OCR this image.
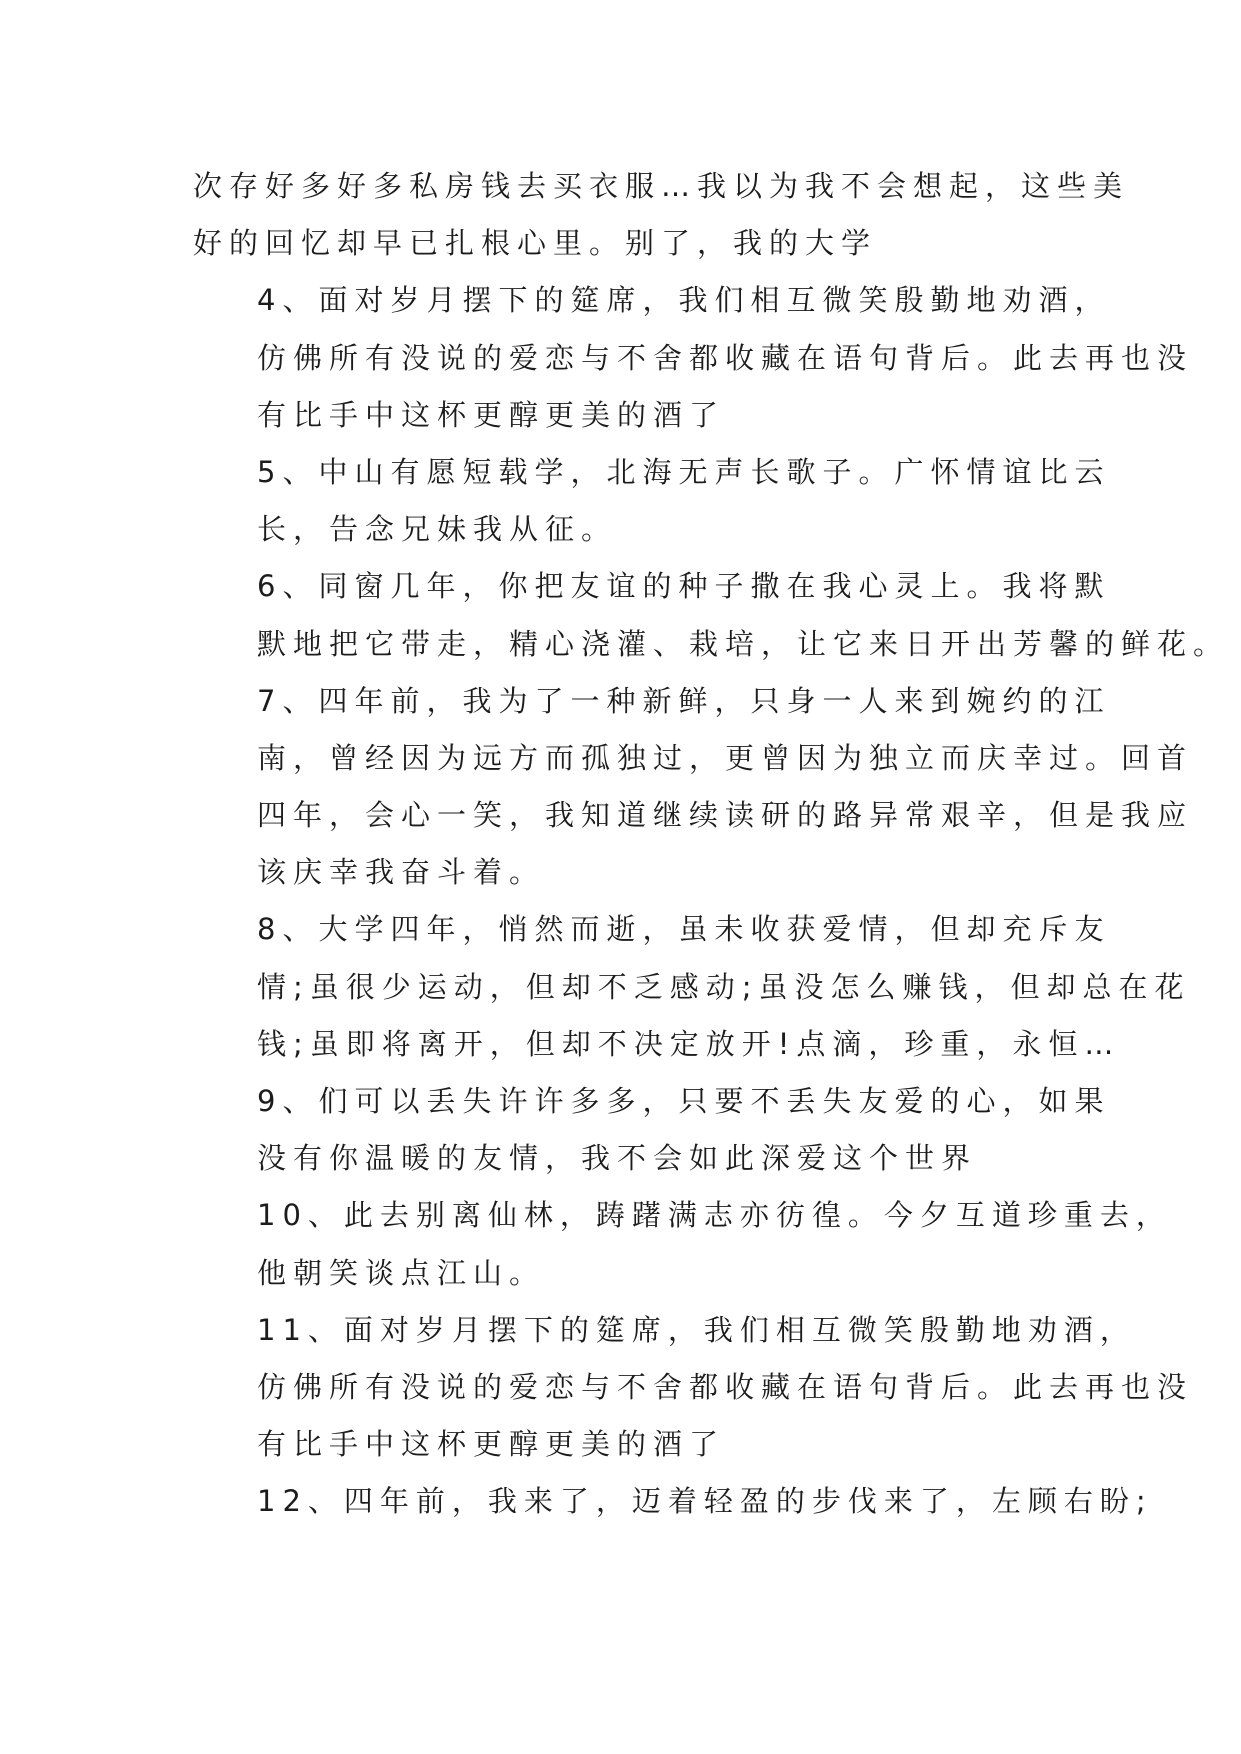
次存好多好多私房钱去买衣服…我以为我不会想起，这些美
好的回忆却早已扎根心里。别了，我的大学

4、面对岁月摆下的筵席，我们相互微笑殷勤地劝酒，
仿佛所有没说的爱恋与不舍都收藏在语句背后。此去再也没
有比手中这杯更醇更美的酒了

5、中山有愿短载学，北海无声长歌子。广怀情谊比云
长，告念兄妹我从征。

6、同窗几年，你把友谊的种子撒在我心灵上。我将默
默地把它带走，精心浇灌、栽培，让它来日开出芳馨的鲜花。

7、四年前，我为了一种新鲜，只身一人来到婉约的江
南，曾经因为远方而孤独过，更曾因为独立而庆幸过。回首
四年，会心一笑，我知道继续读研的路异常艰辛，但是我应
该庆幸我奋斗着。

8、大学四年，悄然而逝，虽未收获爱情，但却充斥友
情;虽很少运动，但却不乏感动;虽没怎么赚钱，但却总在花
钱;虽即将离开，但却不决定放开!点滴，珍重，永恒…

9、们可以丢失许许多多，只要不丢失友爱的心，如果
没有你温暖的友情，我不会如此深爱这个世界

10、此去别离仙林，踌躇满志亦彷徨。今夕互道珍重去，
他朝笑谈点江山。

11、面对岁月摆下的筵席，我们相互微笑殷勤地劝酒，
仿佛所有没说的爱恋与不舍都收藏在语句背后。此去再也没
有比手中这杯更醇更美的酒了

12、四年前，我来了，迈着轻盈的步伐来了，左顾右盼;
